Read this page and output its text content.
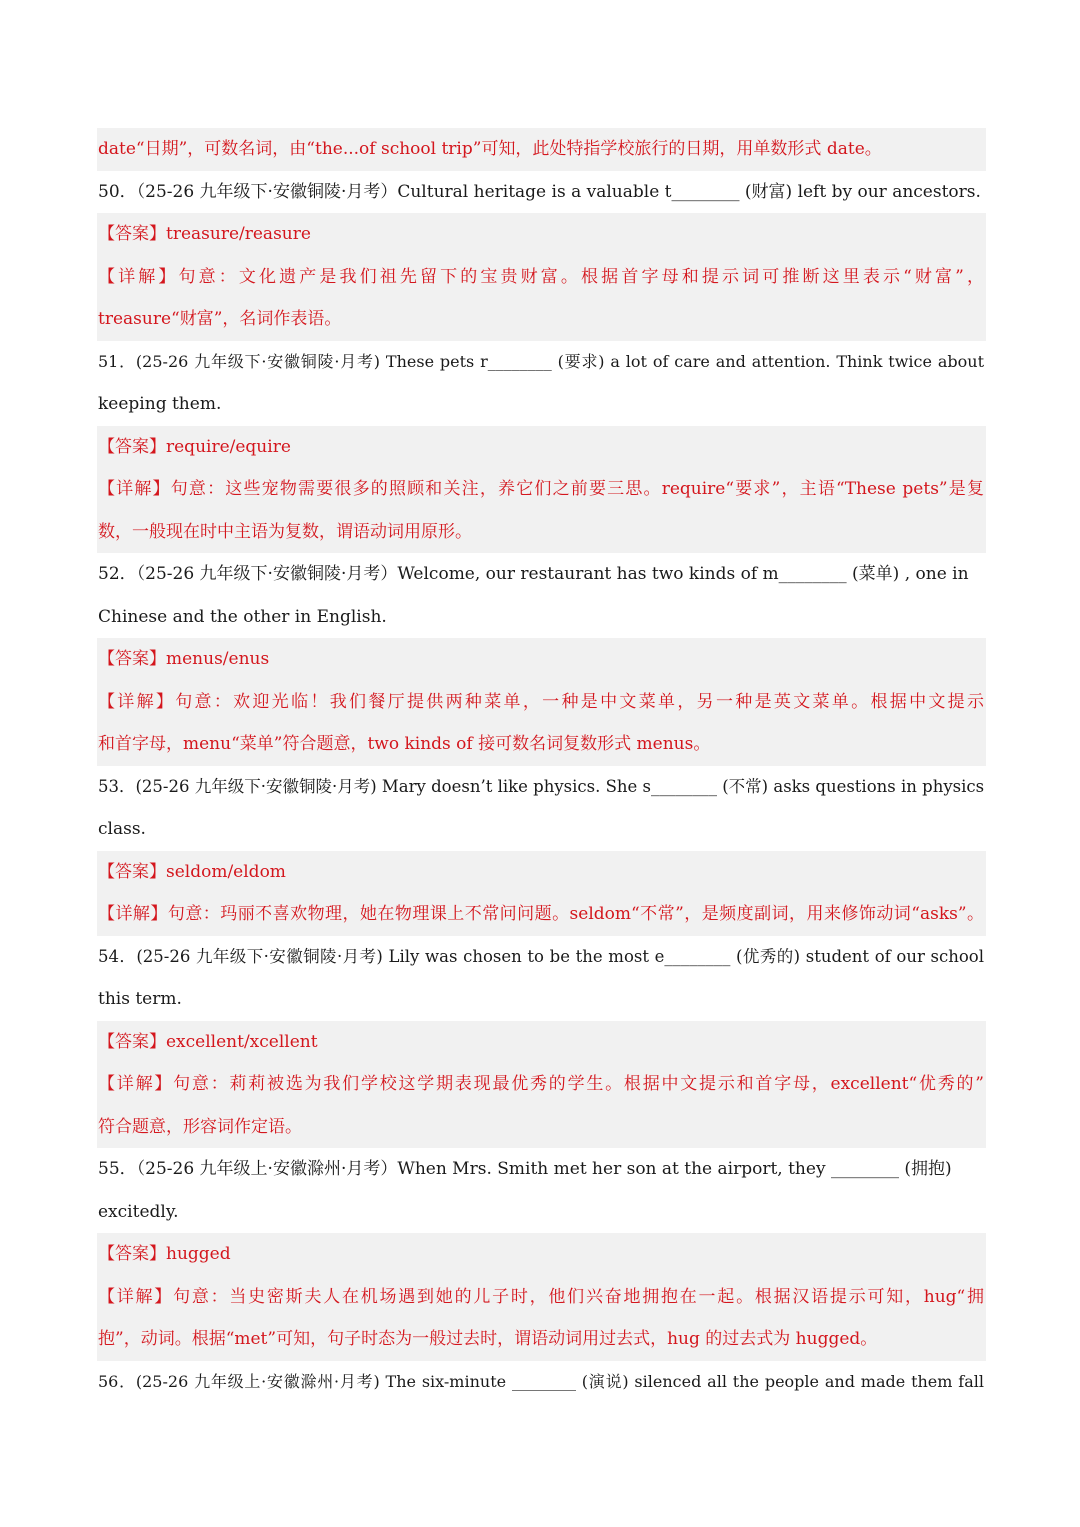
date“日期”，可数名词，由“the...of school trip”可知，此处特指学校旅行的日期，用单数形式 date。
50．（25-26 九年级下·安徽铜陵·月考）Cultural heritage is a valuable t________ (财富) left by our ancestors.
【答案】treasure/reasure
【详解】句意：文化遗产是我们祖先留下的宝贵财富。根据首字母和提示词可推断这里表示“财富”，
treasure“财富”，名词作表语。
51．(25-26 九年级下·安徽铜陵·月考) These pets r________ (要求) a lot of care and attention. Think twice about
keeping them.
【答案】require/equire
【详解】句意：这些宠物需要很多的照顾和关注，养它们之前要三思。require“要求”，主语“These pets”是复
数，一般现在时中主语为复数，谓语动词用原形。
52．（25-26 九年级下·安徽铜陵·月考）Welcome, our restaurant has two kinds of m________ (菜单) , one in
Chinese and the other in English.
【答案】menus/enus
【详解】句意：欢迎光临！我们餐厅提供两种菜单，一种是中文菜单，另一种是英文菜单。根据中文提示
和首字母，menu“菜单”符合题意，two kinds of 接可数名词复数形式 menus。
53．(25-26 九年级下·安徽铜陵·月考) Mary doesn’t like physics. She s________ (不常) asks questions in physics
class.
【答案】seldom/eldom
【详解】句意：玛丽不喜欢物理，她在物理课上不常问问题。seldom“不常”，是频度副词，用来修饰动词“asks”。
54．(25-26 九年级下·安徽铜陵·月考) Lily was chosen to be the most e________ (优秀的) student of our school
this term.
【答案】excellent/xcellent
【详解】句意：莉莉被选为我们学校这学期表现最优秀的学生。根据中文提示和首字母，excellent“优秀的”
符合题意，形容词作定语。
55．（25-26 九年级上·安徽滁州·月考）When Mrs. Smith met her son at the airport, they ________ (拥抱)
excitedly.
【答案】hugged
【详解】句意：当史密斯夫人在机场遇到她的儿子时，他们兴奋地拥抱在一起。根据汉语提示可知，hug“拥
抱”，动词。根据“met”可知，句子时态为一般过去时，谓语动词用过去式，hug 的过去式为 hugged。
56．(25-26 九年级上·安徽滁州·月考) The six-minute ________ (演说) silenced all the people and made them fall
